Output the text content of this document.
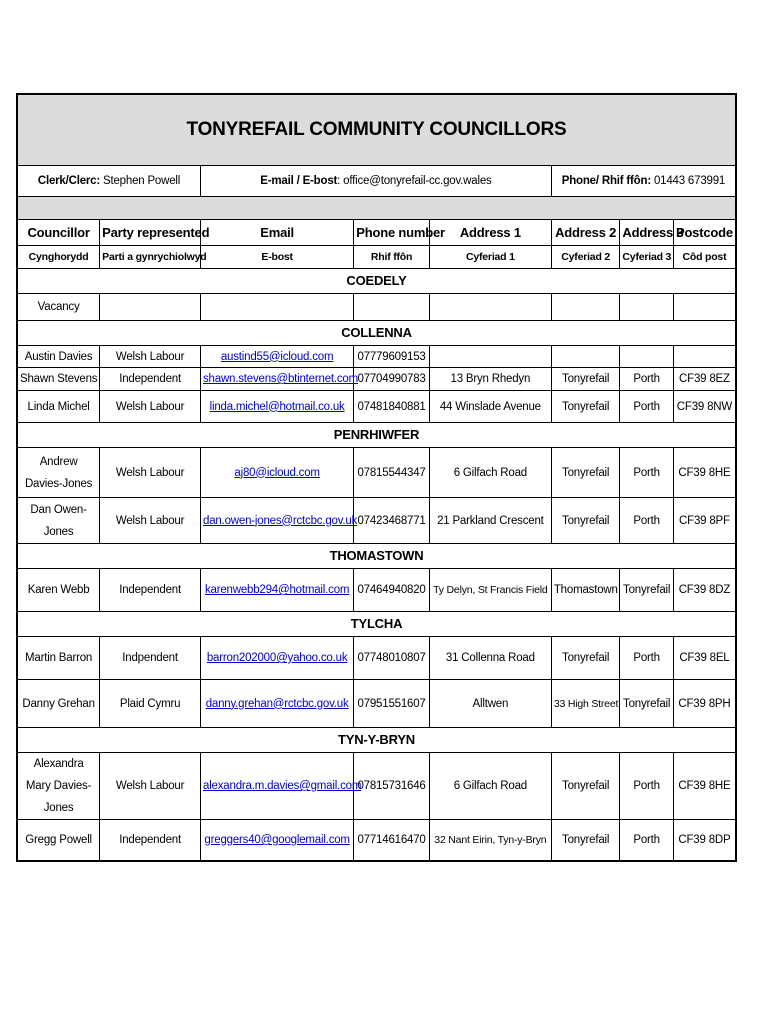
TONYREFAIL COMMUNITY COUNCILLORS							
Clerk/Clerc: Stephen Powell		E-mail / E-bost: office@tonyrefail-cc.gov.wales			Phone/ Rhif ffôn: 01443 673991		

Councillor	Party represented	Email	Phone number	Address 1	Address 2	Address 3	Postcode
Cynghorydd	Parti a gynrychiolwyd	E-bost	Rhif ffôn	Cyferiad 1	Cyferiad 2	Cyferiad 3	Côd post
COEDELY							
Vacancy							
COLLENNA							
Austin Davies	Welsh Labour	austind55@icloud.com	07779609153				
Shawn Stevens	Independent	shawn.stevens@btinternet.com	07704990783	13 Bryn Rhedyn	Tonyrefail	Porth	CF39 8EZ
Linda Michel	Welsh Labour	linda.michel@hotmail.co.uk	07481840881	44 Winslade Avenue	Tonyrefail	Porth	CF39 8NW
PENRHIWFER							
Andrew Davies-Jones	Welsh Labour	aj80@icloud.com	07815544347	6 Gilfach Road	Tonyrefail	Porth	CF39 8HE
Dan Owen-Jones	Welsh Labour	dan.owen-jones@rctcbc.gov.uk	07423468771	21 Parkland Crescent	Tonyrefail	Porth	CF39 8PF
THOMASTOWN							
Karen Webb	Independent	karenwebb294@hotmail.com	07464940820	Ty Delyn, St Francis Field	Thomastown	Tonyrefail	CF39 8DZ
TYLCHA							
Martin Barron	Indpendent	barron202000@yahoo.co.uk	07748010807	31 Collenna Road	Tonyrefail	Porth	CF39 8EL
Danny Grehan	Plaid Cymru	danny.grehan@rctcbc.gov.uk	07951551607	Alltwen	33 High Street	Tonyrefail	CF39 8PH
TYN-Y-BRYN							
Alexandra Mary Davies-Jones	Welsh Labour	alexandra.m.davies@gmail.com	07815731646	6 Gilfach Road	Tonyrefail	Porth	CF39 8HE
Gregg Powell	Independent	greggers40@googlemail.com	07714616470	32 Nant Eirin, Tyn-y-Bryn	Tonyrefail	Porth	CF39 8DP
